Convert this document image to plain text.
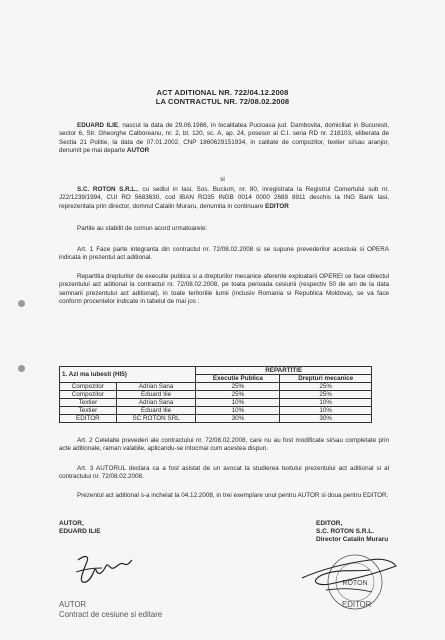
ACT ADITIONAL NR. 722/04.12.2008
LA CONTRACTUL NR. 72/08.02.2008
EDUARD ILIE, nascut la data de 29.06.1986, in localitatea Pucioasa jud. Dambovita, domiciliat in Bucuresti, sector 6, Str. Gheorghe Calboreanu, nr. 2, bl. 120, sc. A, ap. 24, posesor al C.I. seria RD nr. 218103, eliberata de Sectia 21 Politie, la data de 07.01.2002, CNP 1860629151934, in calitate de compozitor, textier si/sau aranjor, denumit pe mai departe AUTOR
si
S.C. ROTON S.R.L., cu sediul in Iasi, Sos. Bucium, nr. 80, inregistrata la Registrul Comertului sub nr. J22/1239/1994, CUI RO 5683630, cod IBAN RO35 INGB 0014 0000 2689 8911 deschis la ING Bank Iasi, reprezentata prin director, domnul Catalin Muraru, denumita in continuare EDITOR
Partile au stabilit de comun acord urmatoarele:
Art. 1 Face parte integranta din contractul nr. 72/08.02.2008 si se supune prevederilor acestuia si OPERA indicata in prezentul act aditional.
Repartitia drepturilor de executie publica si a drepturilor mecanice aferente exploatarii OPEREI ce face obiectul prezentului act aditional la contractul nr. 72/08.02.2008, pe toata perioada cesiunii (respectiv 50 de ani de la data semnarii prezentului act aditional), in toate teritoriile lumii (inclusiv Romania si Republica Moldova), se va face conform procentelor indicate in tabelul de mai jos :
1. Azi ma iubesti (HI5)		REPARTITIE	
		Executie Publica	Drepturi mecanice
Compozitor	Adrian Sana	25%	25%
Compozitor	Eduard Ilie	25%	25%
Textier	Adrian Sana	10%	10%
Textier	Eduard Ilie	10%	10%
EDITOR	SC ROTON SRL	30%	30%
Art. 2 Celelalte prevederi ale contractului nr. 72/08.02.2008, care nu au fost modificate si/sau completate prin acte aditionale, raman valabile, aplicandu-se intocmai cum acestea dispun.
Art. 3 AUTORUL declara ca a fost asistat de un avocat la studierea textului prezentului act aditional si al contractului nr. 72/08.02.2008.
Prezentul act aditional s-a incheiat la 04.12.2008, in trei exemplare unul pentru AUTOR si doua pentru EDITOR.
AUTOR,
EDUARD ILIE
EDITOR,
S.C. ROTON S.R.L.
Director Catalin Muraru
ROTON
AUTOR
Contract de cesiune si editare
EDITOR
